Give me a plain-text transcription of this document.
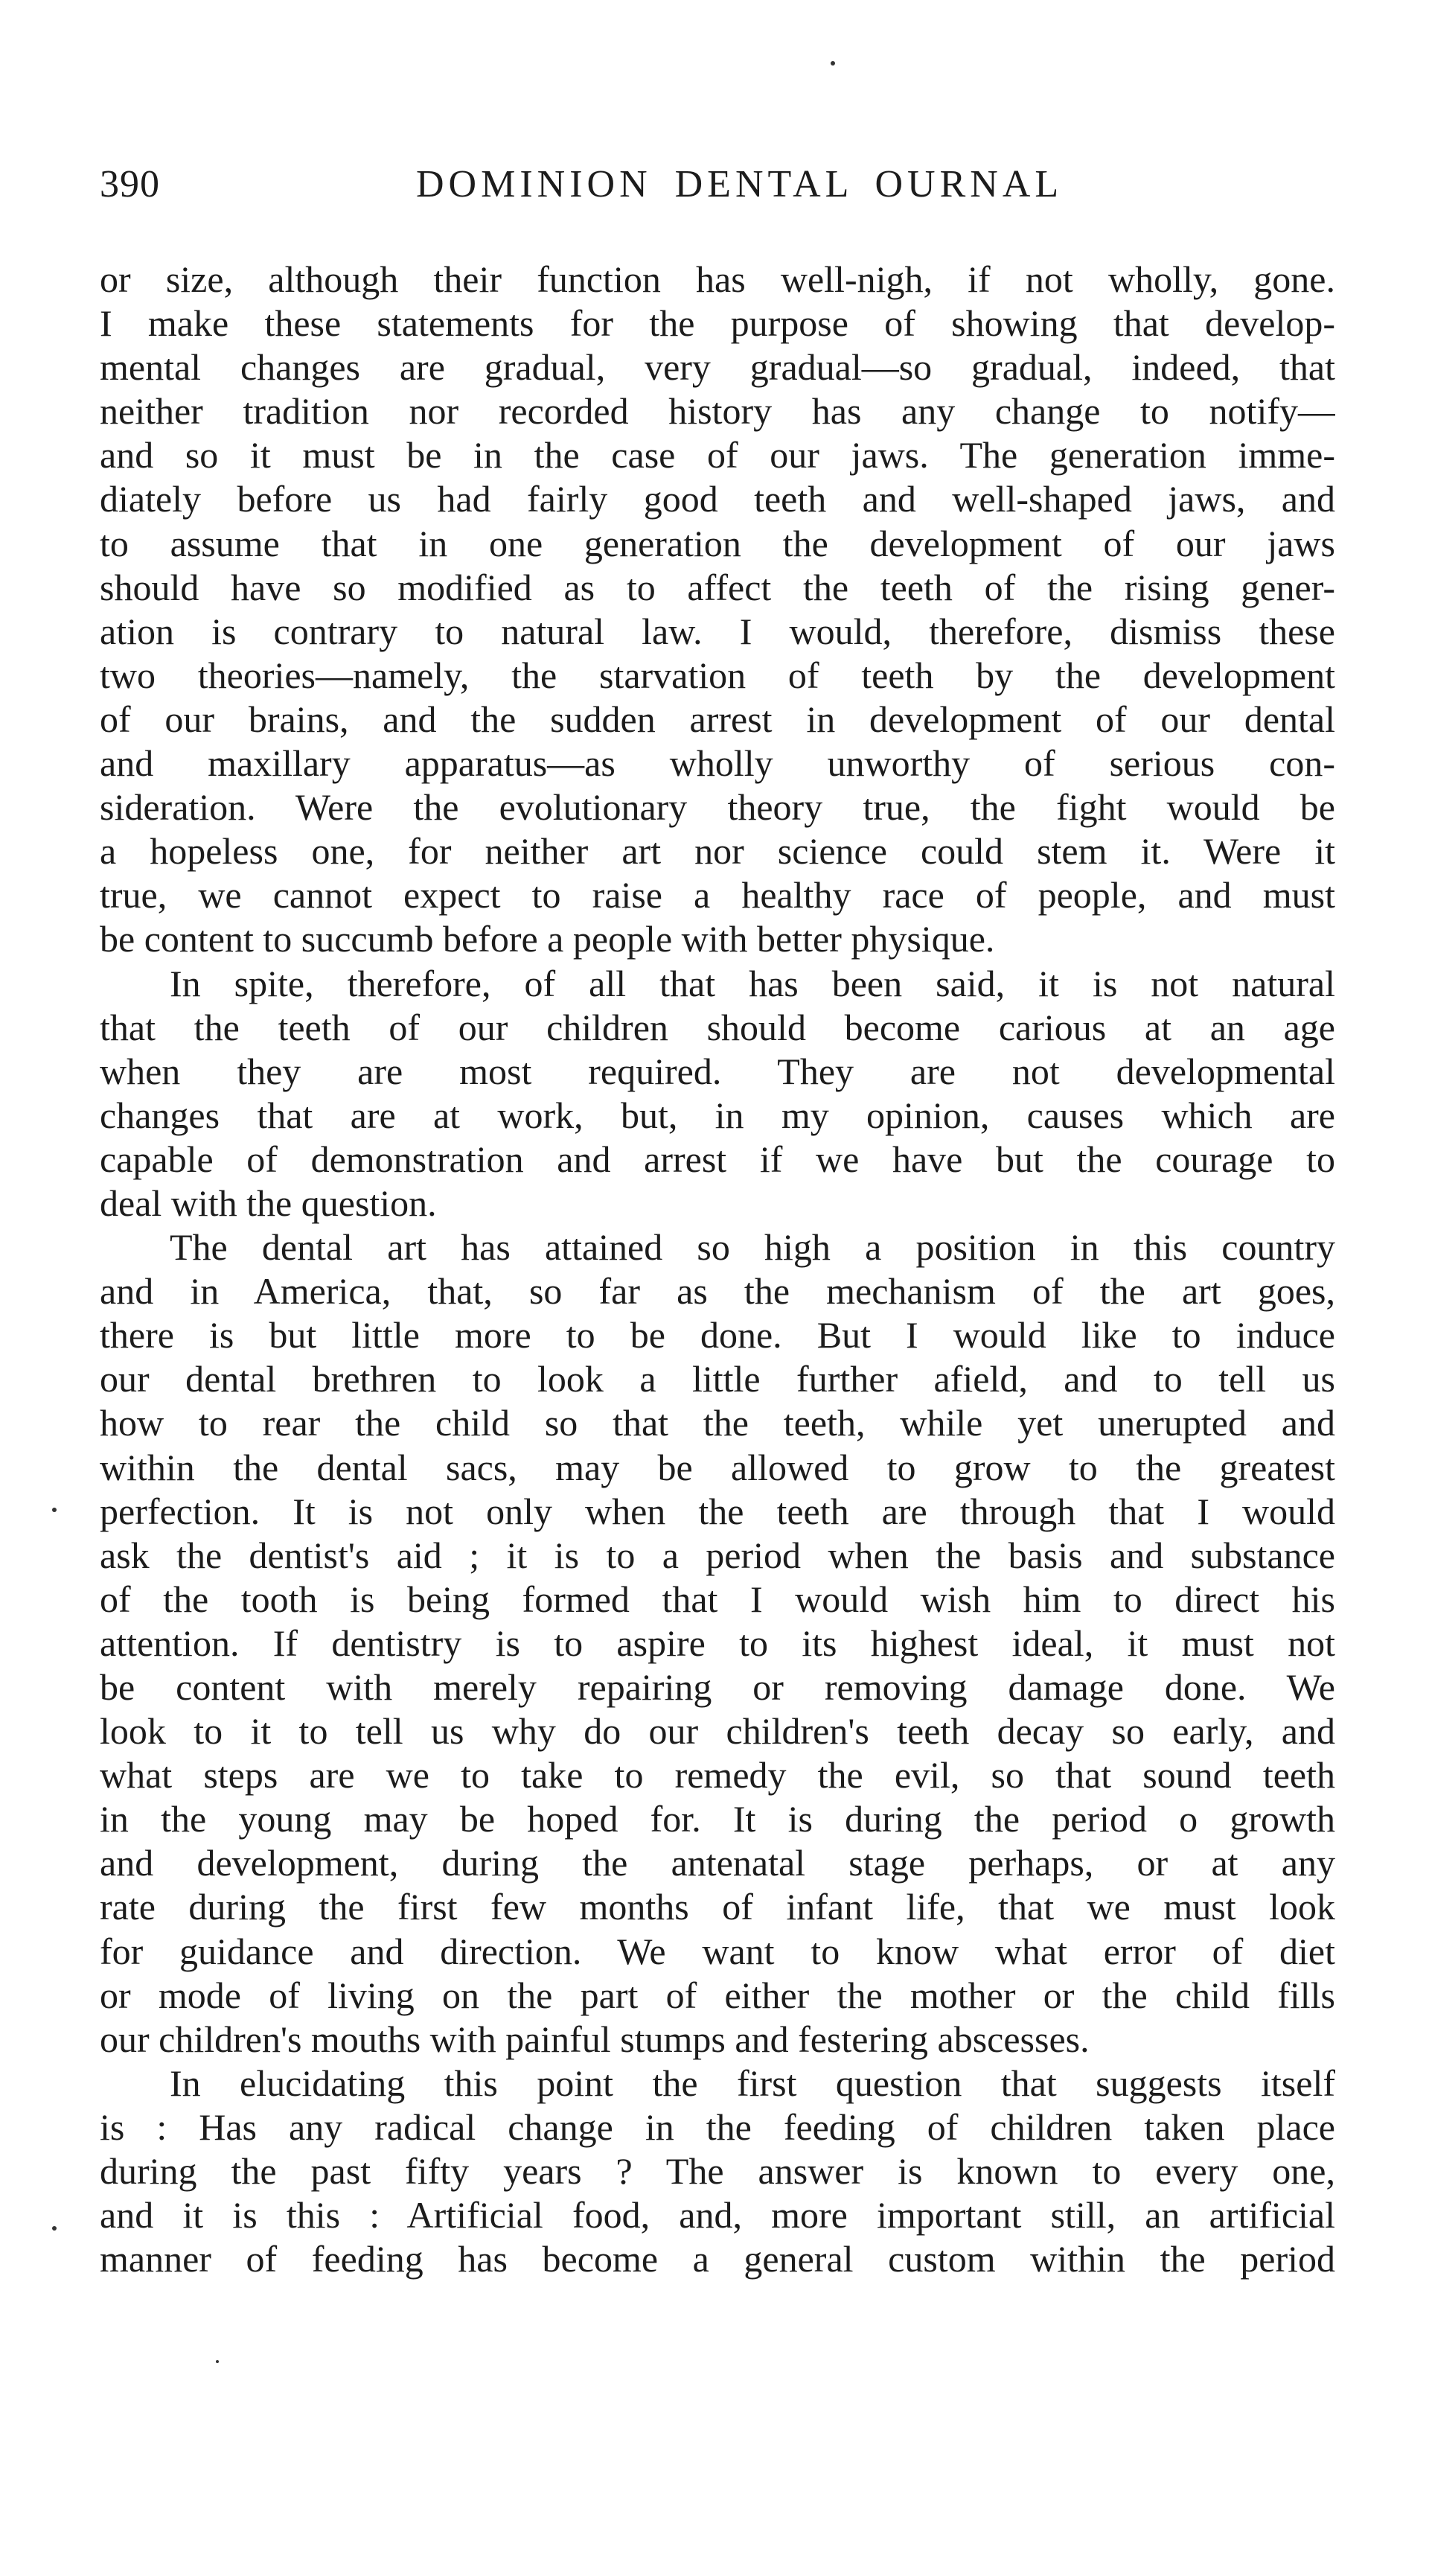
390	DOMINION DENTAL OURNAL
or size, although their function has well-nigh, if not wholly, gone.
I make these statements for the purpose of showing that develop-
mental changes are gradual, very gradual—so gradual, indeed, that
neither tradition nor recorded history has any change to notify—
and so it must be in the case of our jaws. The generation imme-
diately before us had fairly good teeth and well-shaped jaws, and
to assume that in one generation the development of our jaws
should have so modified as to affect the teeth of the rising gener-
ation is contrary to natural law. I would, therefore, dismiss these
two theories—namely, the starvation of teeth by the development
of our brains, and the sudden arrest in development of our dental
and maxillary apparatus—as wholly unworthy of serious con-
sideration. Were the evolutionary theory true, the fight would be
a hopeless one, for neither art nor science could stem it. Were it
true, we cannot expect to raise a healthy race of people, and must
be content to succumb before a people with better physique.
In spite, therefore, of all that has been said, it is not natural
that the teeth of our children should become carious at an age
when they are most required. They are not developmental
changes that are at work, but, in my opinion, causes which are
capable of demonstration and arrest if we have but the courage to
deal with the question.
The dental art has attained so high a position in this country
and in America, that, so far as the mechanism of the art goes,
there is but little more to be done. But I would like to induce
our dental brethren to look a little further afield, and to tell us
how to rear the child so that the teeth, while yet unerupted and
within the dental sacs, may be allowed to grow to the greatest
perfection. It is not only when the teeth are through that I would
ask the dentist's aid ; it is to a period when the basis and substance
of the tooth is being formed that I would wish him to direct his
attention. If dentistry is to aspire to its highest ideal, it must not
be content with merely repairing or removing damage done. We
look to it to tell us why do our children's teeth decay so early, and
what steps are we to take to remedy the evil, so that sound teeth
in the young may be hoped for. It is during the period o growth
and development, during the antenatal stage perhaps, or at any
rate during the first few months of infant life, that we must look
for guidance and direction. We want to know what error of diet
or mode of living on the part of either the mother or the child fills
our children's mouths with painful stumps and festering abscesses.
In elucidating this point the first question that suggests itself
is : Has any radical change in the feeding of children taken place
during the past fifty years ? The answer is known to every one,
and it is this : Artificial food, and, more important still, an artificial
manner of feeding has become a general custom within the period
